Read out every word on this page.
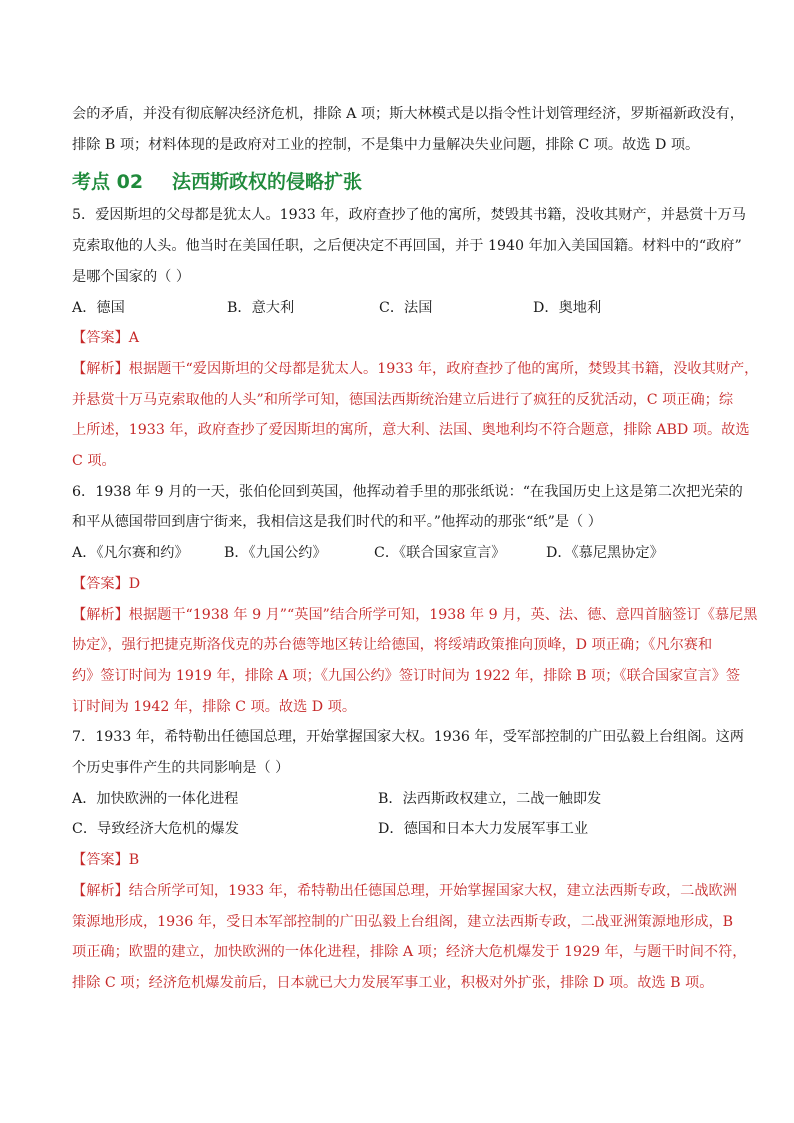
会的矛盾，并没有彻底解决经济危机，排除 A 项；斯大林模式是以指令性计划管理经济，罗斯福新政没有，
排除 B 项；材料体现的是政府对工业的控制，不是集中力量解决失业问题，排除 C 项。故选 D 项。
考点 02 法西斯政权的侵略扩张
5．爱因斯坦的父母都是犹太人。1933 年，政府查抄了他的寓所，焚毁其书籍，没收其财产，并悬赏十万马
克索取他的人头。他当时在美国任职，之后便决定不再回国，并于 1940 年加入美国国籍。材料中的“政府”
是哪个国家的（ ）
A．德国	B．意大利	C．法国	D．奥地利
【答案】A
【解析】根据题干“爱因斯坦的父母都是犹太人。1933 年，政府查抄了他的寓所，焚毁其书籍，没收其财产，
并悬赏十万马克索取他的人头”和所学可知，德国法西斯统治建立后进行了疯狂的反犹活动，C 项正确；综
上所述，1933 年，政府查抄了爱因斯坦的寓所，意大利、法国、奥地利均不符合题意，排除 ABD 项。故选
C 项。
6．1938 年 9 月的一天，张伯伦回到英国，他挥动着手里的那张纸说：“在我国历史上这是第二次把光荣的
和平从德国带回到唐宁街来，我相信这是我们时代的和平。”他挥动的那张“纸”是（ ）
A．《凡尔赛和约》	B．《九国公约》	C．《联合国家宣言》	D．《慕尼黑协定》
【答案】D
【解析】根据题干“1938 年 9 月”“英国”结合所学可知，1938 年 9 月，英、法、德、意四首脑签订《慕尼黑
协定》，强行把捷克斯洛伐克的苏台德等地区转让给德国，将绥靖政策推向顶峰，D 项正确；《凡尔赛和
约》签订时间为 1919 年，排除 A 项；《九国公约》签订时间为 1922 年，排除 B 项；《联合国家宣言》签
订时间为 1942 年，排除 C 项。故选 D 项。
7．1933 年，希特勒出任德国总理，开始掌握国家大权。1936 年，受军部控制的广田弘毅上台组阁。这两
个历史事件产生的共同影响是（ ）
A．加快欧洲的一体化进程	B．法西斯政权建立，二战一触即发
C．导致经济大危机的爆发	D．德国和日本大力发展军事工业
【答案】B
【解析】结合所学可知，1933 年，希特勒出任德国总理，开始掌握国家大权，建立法西斯专政，二战欧洲
策源地形成，1936 年，受日本军部控制的广田弘毅上台组阁，建立法西斯专政，二战亚洲策源地形成，B
项正确；欧盟的建立，加快欧洲的一体化进程，排除 A 项；经济大危机爆发于 1929 年，与题干时间不符，
排除 C 项；经济危机爆发前后，日本就已大力发展军事工业，积极对外扩张，排除 D 项。故选 B 项。
